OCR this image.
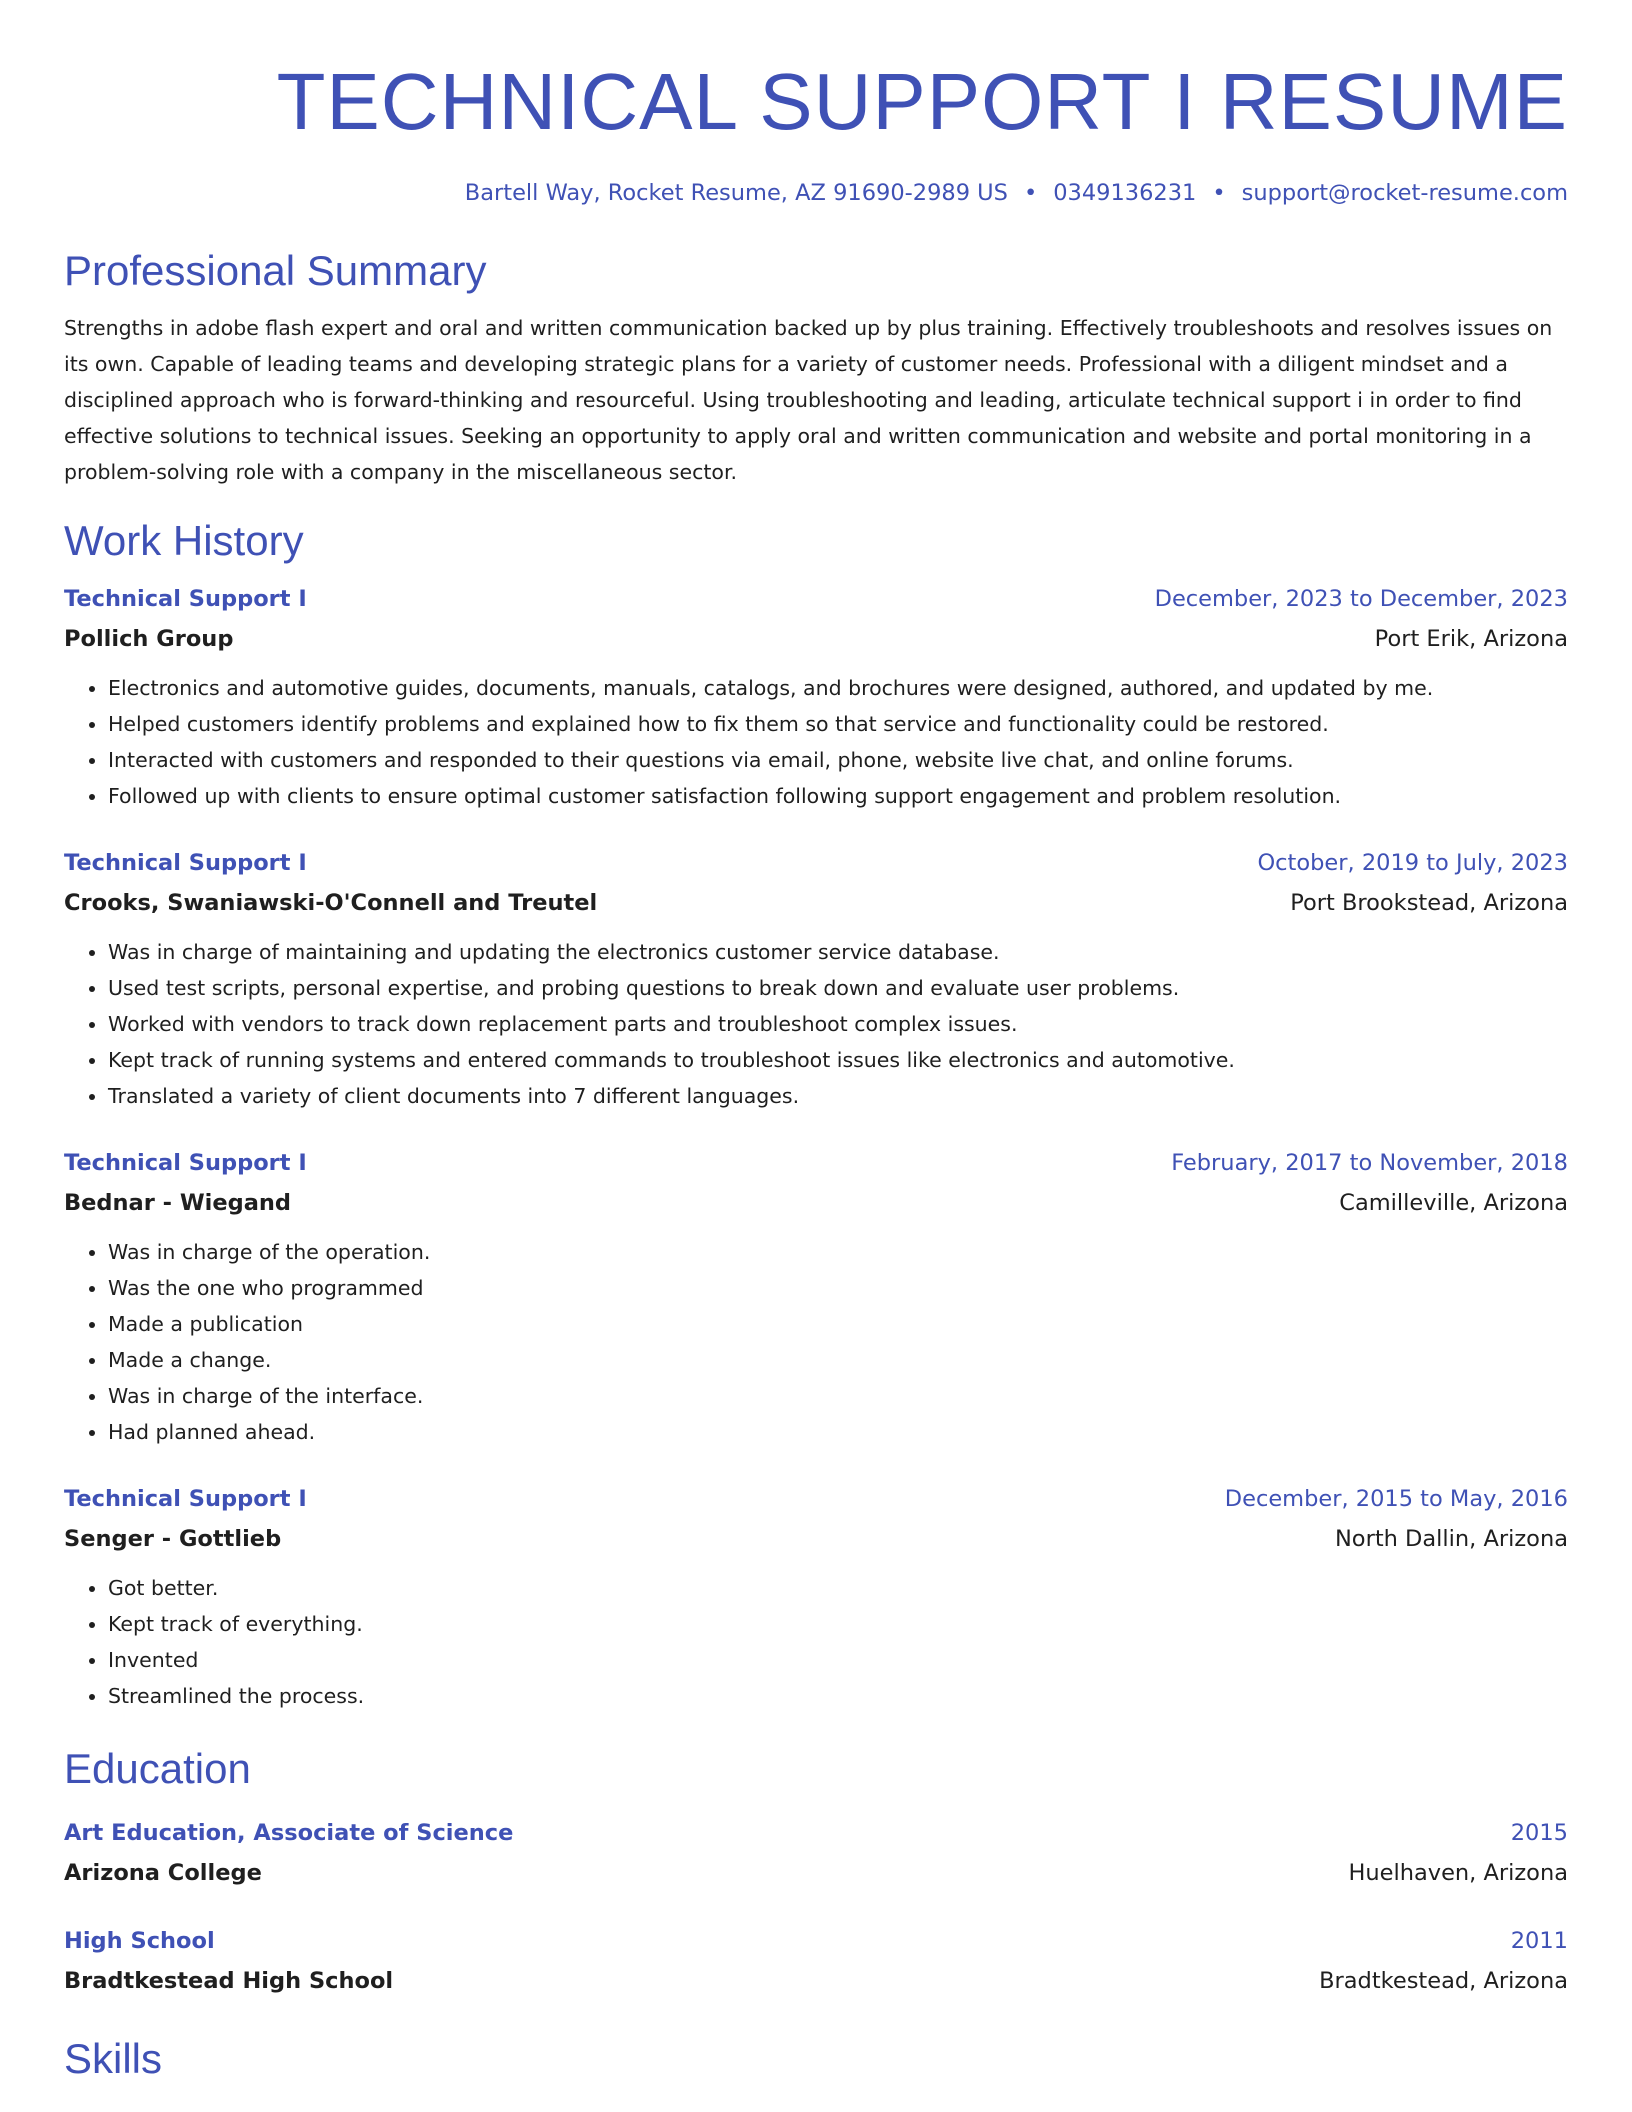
TECHNICAL SUPPORT I RESUME
Bartell Way, Rocket Resume, AZ 91690-2989 US • 0349136231 • support@rocket-resume.com
Professional Summary

Strengths in adobe flash expert and oral and written communication backed up by plus training. Effectively troubleshoots and resolves issues on its own. Capable of leading teams and developing strategic plans for a variety of customer needs. Professional with a diligent mindset and a disciplined approach who is forward-thinking and resourceful. Using troubleshooting and leading, articulate technical support i in order to find effective solutions to technical issues. Seeking an opportunity to apply oral and written communication and website and portal monitoring in a problem-solving role with a company in the miscellaneous sector.

Work History
Technical Support I	December, 2023 to December, 2023
Pollich Group	Port Erik, Arizona
• Electronics and automotive guides, documents, manuals, catalogs, and brochures were designed, authored, and updated by me.
• Helped customers identify problems and explained how to fix them so that service and functionality could be restored.
• Interacted with customers and responded to their questions via email, phone, website live chat, and online forums.
• Followed up with clients to ensure optimal customer satisfaction following support engagement and problem resolution.
Technical Support I	October, 2019 to July, 2023
Crooks, Swaniawski-O'Connell and Treutel	Port Brookstead, Arizona
• Was in charge of maintaining and updating the electronics customer service database.
• Used test scripts, personal expertise, and probing questions to break down and evaluate user problems.
• Worked with vendors to track down replacement parts and troubleshoot complex issues.
• Kept track of running systems and entered commands to troubleshoot issues like electronics and automotive.
• Translated a variety of client documents into 7 different languages.
Technical Support I	February, 2017 to November, 2018
Bednar - Wiegand	Camilleville, Arizona
• Was in charge of the operation.
• Was the one who programmed
• Made a publication
• Made a change.
• Was in charge of the interface.
• Had planned ahead.
Technical Support I	December, 2015 to May, 2016
Senger - Gottlieb	North Dallin, Arizona
• Got better.
• Kept track of everything.
• Invented
• Streamlined the process.
Education
Art Education, Associate of Science	2015
Arizona College	Huelhaven, Arizona
High School	2011
Bradtkestead High School	Bradtkestead, Arizona
Skills
